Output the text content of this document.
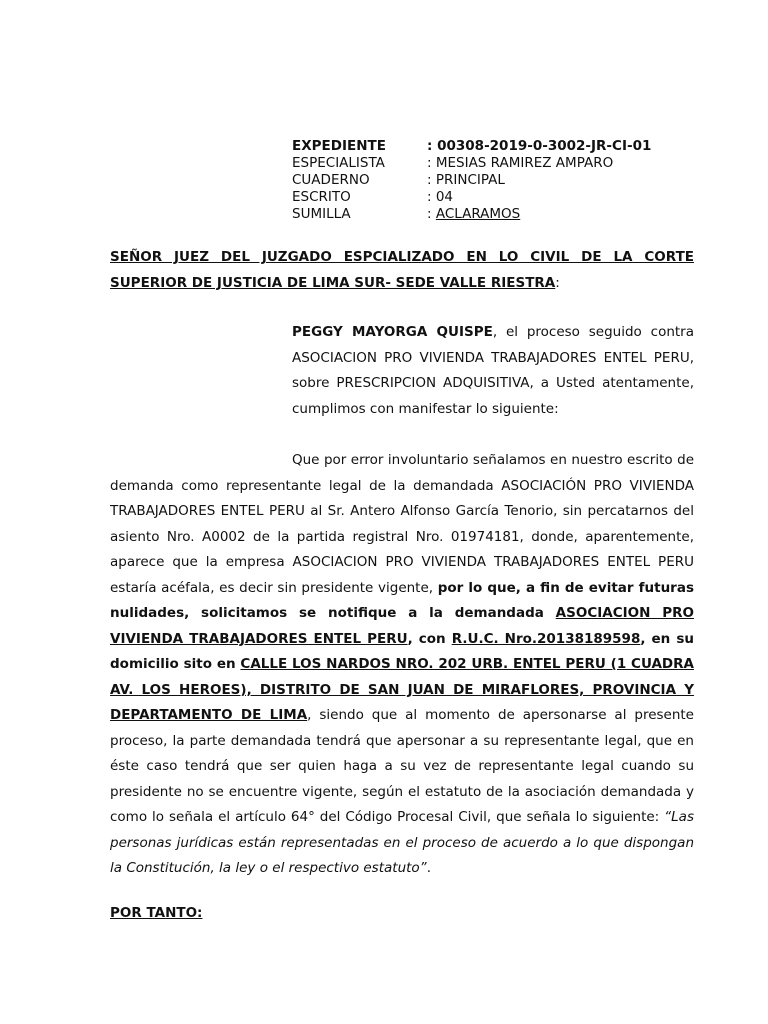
EXPEDIENTE	: 00308-2019-0-3002-JR-CI-01
ESPECIALISTA	: MESIAS RAMIREZ AMPARO
CUADERNO	: PRINCIPAL
ESCRITO	: 04
SUMILLA	: ACLARAMOS
SEÑOR JUEZ DEL JUZGADO ESPCIALIZADO EN LO CIVIL DE LA CORTE SUPERIOR DE JUSTICIA DE LIMA SUR- SEDE VALLE RIESTRA:
PEGGY MAYORGA QUISPE, el proceso seguido contra ASOCIACION PRO VIVIENDA TRABAJADORES ENTEL PERU, sobre PRESCRIPCION ADQUISITIVA, a Usted atentamente, cumplimos con manifestar lo siguiente:
Que por error involuntario señalamos en nuestro escrito de demanda como representante legal de la demandada ASOCIACIÓN PRO VIVIENDA TRABAJADORES ENTEL PERU al Sr. Antero Alfonso García Tenorio, sin percatarnos del asiento Nro. A0002 de la partida registral Nro. 01974181, donde, aparentemente, aparece que la empresa ASOCIACION PRO VIVIENDA TRABAJADORES ENTEL PERU estaría acéfala, es decir sin presidente vigente, por lo que, a fin de evitar futuras nulidades, solicitamos se notifique a la demandada ASOCIACION PRO VIVIENDA TRABAJADORES ENTEL PERU, con R.U.C. Nro.20138189598, en su domicilio sito en CALLE LOS NARDOS NRO. 202 URB. ENTEL PERU (1 CUADRA AV. LOS HEROES), DISTRITO DE SAN JUAN DE MIRAFLORES, PROVINCIA Y DEPARTAMENTO DE LIMA, siendo que al momento de apersonarse al presente proceso, la parte demandada tendrá que apersonar a su representante legal, que en éste caso tendrá que ser quien haga a su vez de representante legal cuando su presidente no se encuentre vigente, según el estatuto de la asociación demandada y como lo señala el artículo 64° del Código Procesal Civil, que señala lo siguiente: “Las personas jurídicas están representadas en el proceso de acuerdo a lo que dispongan la Constitución, la ley o el respectivo estatuto”.
POR TANTO:
